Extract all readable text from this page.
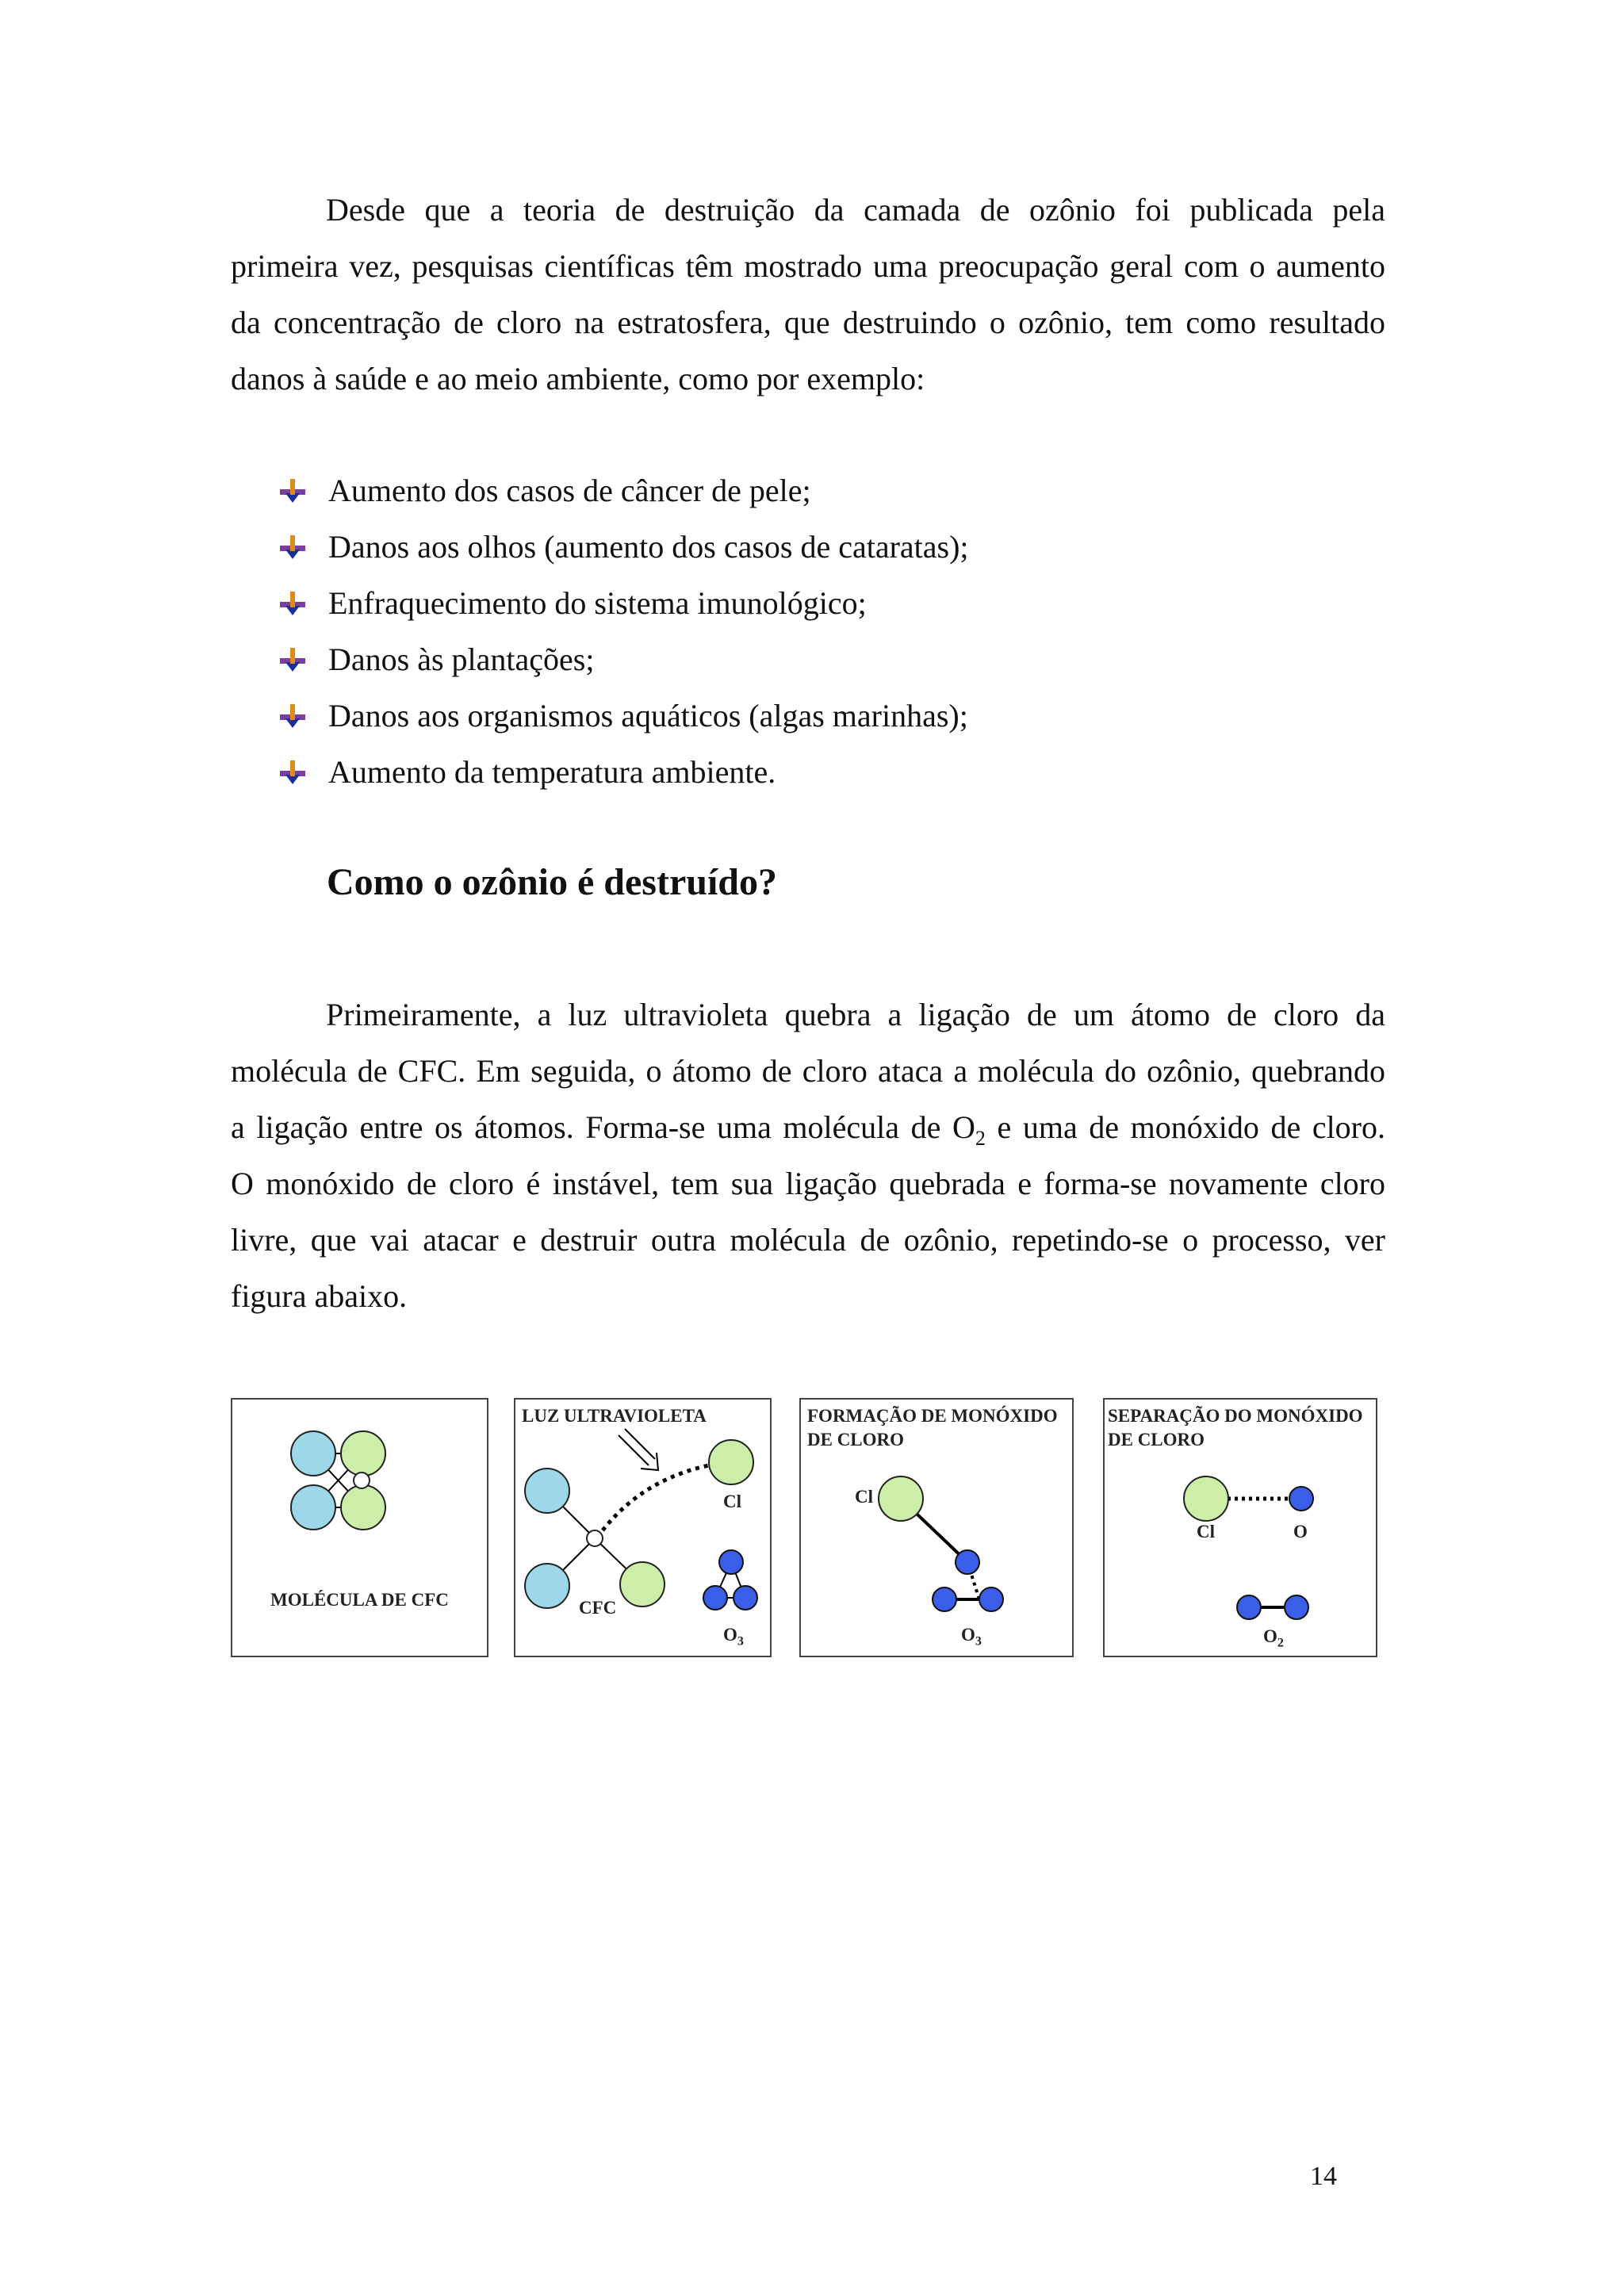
Desde que a teoria de destruição da camada de ozônio foi publicada pela
primeira vez, pesquisas científicas têm mostrado uma preocupação geral com o aumento
da concentração de cloro na estratosfera, que destruindo o ozônio, tem como resultado
danos à saúde e ao meio ambiente, como por exemplo:
Aumento dos casos de câncer de pele;
Danos aos olhos (aumento dos casos de cataratas);
Enfraquecimento do sistema imunológico;
Danos às plantações;
Danos aos organismos aquáticos (algas marinhas);
Aumento da temperatura ambiente.
Como o ozônio é destruído?
Primeiramente, a luz ultravioleta quebra a ligação de um átomo de cloro da
molécula de CFC. Em seguida, o átomo de cloro ataca a molécula do ozônio, quebrando
a ligação entre os átomos. Forma-se uma molécula de $O_2$ e uma de monóxido de cloro.
O monóxido de cloro é instável, tem sua ligação quebrada e forma-se novamente cloro
livre, que vai atacar e destruir outra molécula de ozônio, repetindo-se o processo, ver
figura abaixo.
MOLÉCULA DE CFC
LUZ ULTRAVIOLETA
Cl
CFC
$O_3$
FORMAÇÃO DE MONÓXIDO
DE CLORO
Cl
$O_3$
SEPARAÇÃO DO MONÓXIDO
DE CLORO
Cl	O
$O_2$
14
